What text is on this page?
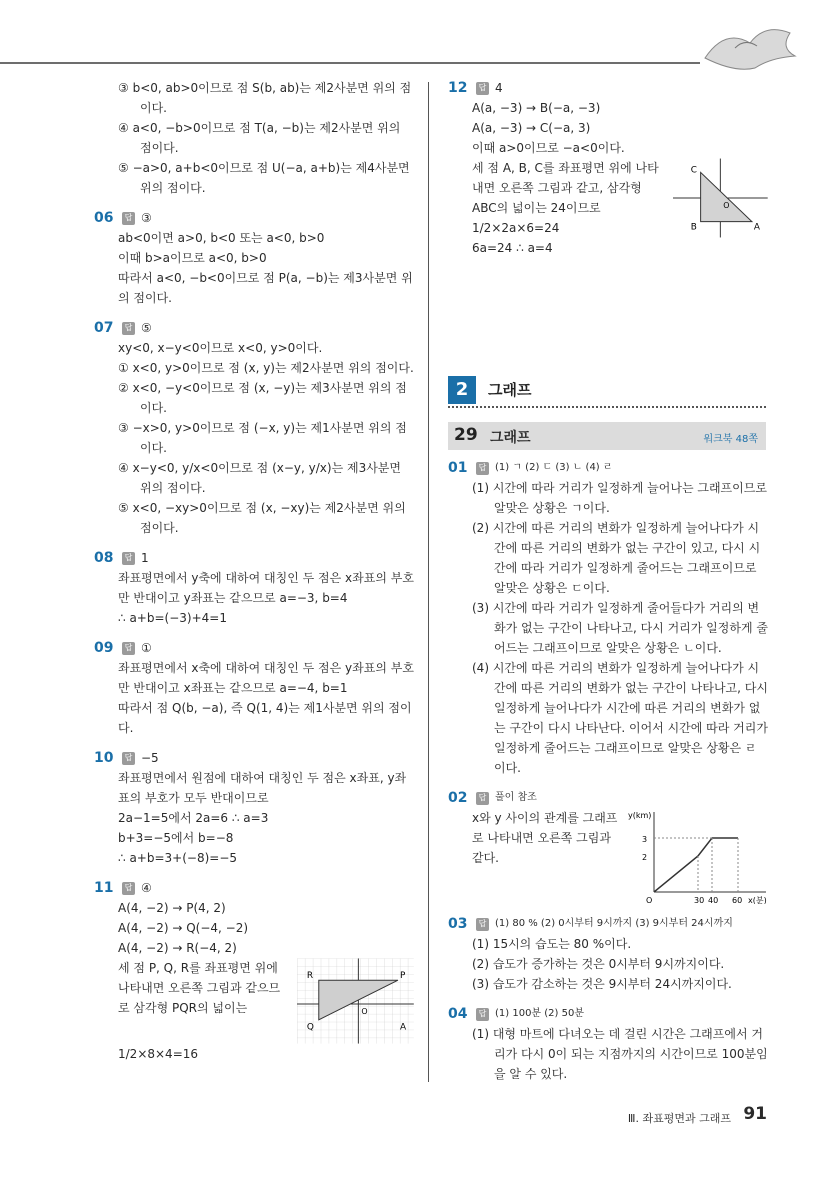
③ b<0, ab>0이므로 점 S(b, ab)는 제2사분면 위의 점이다.

④ a<0, −b>0이므로 점 T(a, −b)는 제2사분면 위의 점이다.

⑤ −a>0, a+b<0이므로 점 U(−a, a+b)는 제4사분면 위의 점이다.

06	답 ③

ab<0이면 a>0, b<0 또는 a<0, b>0

이때 b>a이므로 a<0, b>0

따라서 a<0, −b<0이므로 점 P(a, −b)는 제3사분면 위의 점이다.

07	답 ⑤

xy<0, x−y<0이므로 x<0, y>0이다.

① x<0, y>0이므로 점 (x, y)는 제2사분면 위의 점이다.

② x<0, −y<0이므로 점 (x, −y)는 제3사분면 위의 점이다.

③ −x>0, y>0이므로 점 (−x, y)는 제1사분면 위의 점이다.

④ x−y<0, y/x<0이므로 점 (x−y, y/x)는 제3사분면 위의 점이다.

⑤ x<0, −xy>0이므로 점 (x, −xy)는 제2사분면 위의 점이다.

08	답 1

좌표평면에서 y축에 대하여 대칭인 두 점은 x좌표의 부호만 반대이고 y좌표는 같으므로 a=−3, b=4

∴ a+b=(−3)+4=1

09	답 ①

좌표평면에서 x축에 대하여 대칭인 두 점은 y좌표의 부호만 반대이고 x좌표는 같으므로 a=−4, b=1

따라서 점 Q(b, −a), 즉 Q(1, 4)는 제1사분면 위의 점이다.

10	답 −5

좌표평면에서 원점에 대하여 대칭인 두 점은 x좌표, y좌표의 부호가 모두 반대이므로

2a−1=5에서 2a=6 ∴ a=3

b+3=−5에서 b=−8

∴ a+b=3+(−8)=−5

11	답 ④

A(4, −2) → P(4, 2)

A(4, −2) → Q(−4, −2)

A(4, −2) → R(−4, 2)

세 점 P, Q, R를 좌표평면 위에 나타내면 오른쪽 그림과 같으므로 삼각형 PQR의 넓이는

R	P
Q	A
O

1/2×8×4=16

12	답 4

A(a, −3) → B(−a, −3)

A(a, −3) → C(−a, 3)

이때 a>0이므로 −a<0이다.

세 점 A, B, C를 좌표평면 위에 나타내면 오른쪽 그림과 같고, 삼각형 ABC의 넓이는 24이므로

1/2×2a×6=24

6a=24 ∴ a=4

C
B	A
O
2	그래프
29 그래프	워크북 48쪽
01	답 (1) ㄱ (2) ㄷ (3) ㄴ (4) ㄹ

(1) 시간에 따라 거리가 일정하게 늘어나는 그래프이므로 알맞은 상황은 ㄱ이다.

(2) 시간에 따른 거리의 변화가 일정하게 늘어나다가 시간에 따른 거리의 변화가 없는 구간이 있고, 다시 시간에 따라 거리가 일정하게 줄어드는 그래프이므로 알맞은 상황은 ㄷ이다.

(3) 시간에 따라 거리가 일정하게 줄어들다가 거리의 변화가 없는 구간이 나타나고, 다시 거리가 일정하게 줄어드는 그래프이므로 알맞은 상황은 ㄴ이다.

(4) 시간에 따른 거리의 변화가 일정하게 늘어나다가 시간에 따른 거리의 변화가 없는 구간이 나타나고, 다시 일정하게 늘어나다가 시간에 따른 거리의 변화가 없는 구간이 다시 나타난다. 이어서 시간에 따라 거리가 일정하게 줄어드는 그래프이므로 알맞은 상황은 ㄹ이다.

02	답 풀이 참조

x와 y 사이의 관계를 그래프로 나타내면 오른쪽 그림과 같다.

y(km)
x(분)
3
2
30 40 60
O
03	답 (1) 80 % (2) 0시부터 9시까지 (3) 9시부터 24시까지

(1) 15시의 습도는 80 %이다.

(2) 습도가 증가하는 것은 0시부터 9시까지이다.

(3) 습도가 감소하는 것은 9시부터 24시까지이다.

04	답 (1) 100분 (2) 50분

(1) 대형 마트에 다녀오는 데 걸린 시간은 그래프에서 거리가 다시 0이 되는 지점까지의 시간이므로 100분임을 알 수 있다.

Ⅲ. 좌표평면과 그래프 91
